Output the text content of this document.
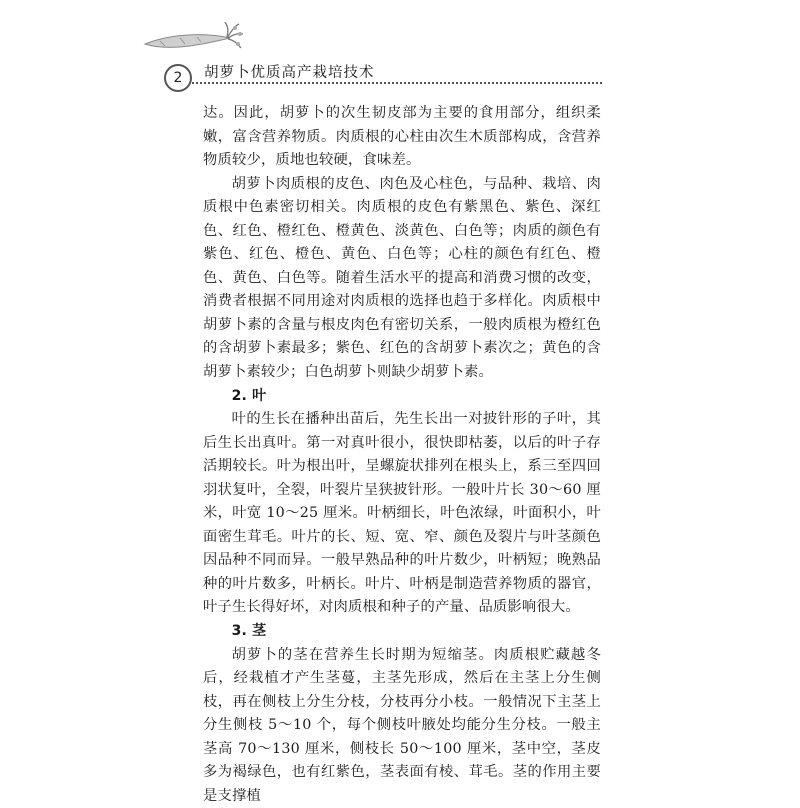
2	胡萝卜优质高产栽培技术

达。因此，胡萝卜的次生韧皮部为主要的食用部分，组织柔嫩，富含营养物质。肉质根的心柱由次生木质部构成，含营养物质较少，质地也较硬，食味差。

胡萝卜肉质根的皮色、肉色及心柱色，与品种、栽培、肉质根中色素密切相关。肉质根的皮色有紫黑色、紫色、深红色、红色、橙红色、橙黄色、淡黄色、白色等；肉质的颜色有紫色、红色、橙色、黄色、白色等；心柱的颜色有红色、橙色、黄色、白色等。随着生活水平的提高和消费习惯的改变，消费者根据不同用途对肉质根的选择也趋于多样化。肉质根中胡萝卜素的含量与根皮肉色有密切关系，一般肉质根为橙红色的含胡萝卜素最多；紫色、红色的含胡萝卜素次之；黄色的含胡萝卜素较少；白色胡萝卜则缺少胡萝卜素。

2. 叶

叶的生长在播种出苗后，先生长出一对披针形的子叶，其后生长出真叶。第一对真叶很小，很快即枯萎，以后的叶子存活期较长。叶为根出叶，呈螺旋状排列在根头上，系三至四回羽状复叶，全裂，叶裂片呈狭披针形。一般叶片长 30～60 厘米，叶宽 10～25 厘米。叶柄细长，叶色浓绿，叶面积小，叶面密生茸毛。叶片的长、短、宽、窄、颜色及裂片与叶茎颜色因品种不同而异。一般早熟品种的叶片数少，叶柄短；晚熟品种的叶片数多，叶柄长。叶片、叶柄是制造营养物质的器官，叶子生长得好坏，对肉质根和种子的产量、品质影响很大。

3. 茎

胡萝卜的茎在营养生长时期为短缩茎。肉质根贮藏越冬后，经栽植才产生茎蔓，主茎先形成，然后在主茎上分生侧枝，再在侧枝上分生分枝，分枝再分小枝。一般情况下主茎上分生侧枝 5～10 个，每个侧枝叶腋处均能分生分枝。一般主茎高 70～130 厘米，侧枝长 50～100 厘米，茎中空，茎皮多为褐绿色，也有红紫色，茎表面有棱、茸毛。茎的作用主要是支撑植
